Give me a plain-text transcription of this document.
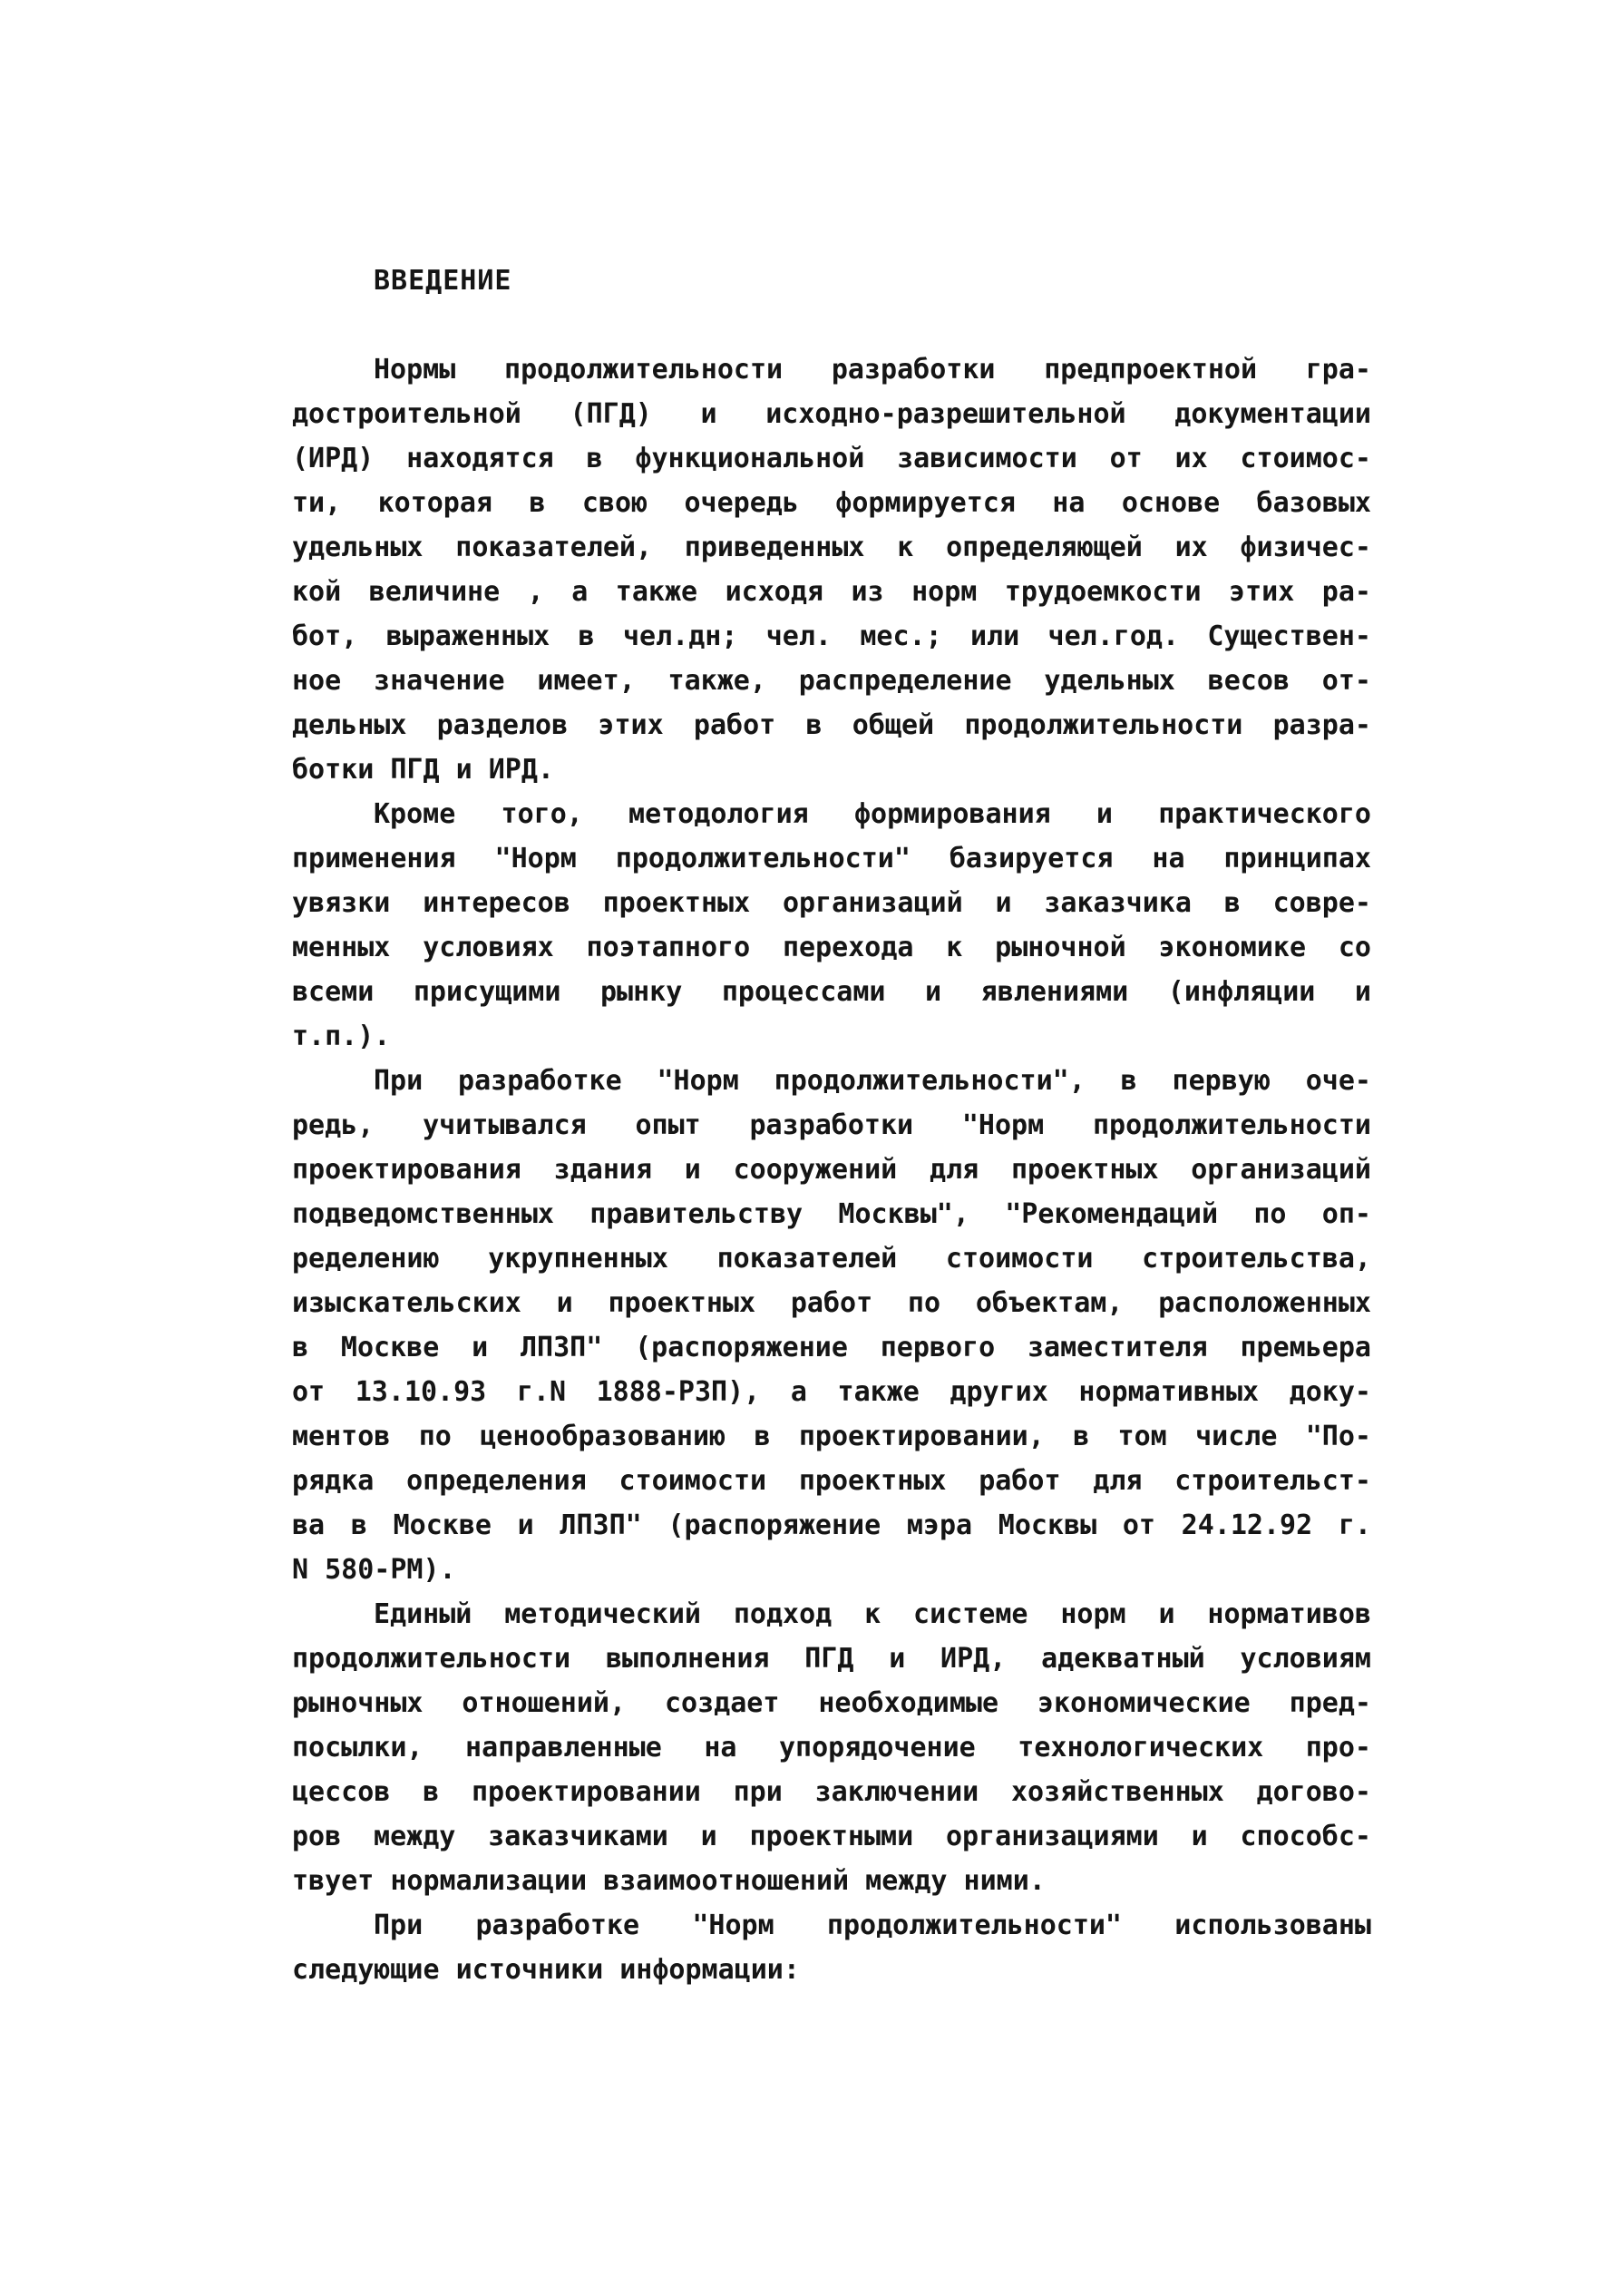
ВВЕДЕНИЕ
Нормы продолжительности разработки предпроектной гра-
достроительной (ПГД) и исходно-разрешительной документации
(ИРД) находятся в функциональной зависимости от их стоимос-
ти, которая в свою очередь формируется на основе базовых
удельных показателей, приведенных к определяющей их физичес-
кой величине , а также исходя из норм трудоемкости этих ра-
бот, выраженных в чел.дн; чел. мес.; или чел.год. Существен-
ное значение имеет, также, распределение удельных весов от-
дельных разделов этих работ в общей продолжительности разра-
ботки ПГД и ИРД.
Кроме того, методология формирования и практического
применения "Норм продолжительности" базируется на принципах
увязки интересов проектных организаций и заказчика в совре-
менных условиях поэтапного перехода к рыночной экономике со
всеми присущими рынку процессами и явлениями (инфляции и
т.п.).
При разработке "Норм продолжительности", в первую оче-
редь, учитывался опыт разработки "Норм продолжительности
проектирования здания и сооружений для проектных организаций
подведомственных правительству Москвы", "Рекомендаций по оп-
ределению укрупненных показателей стоимости строительства,
изыскательских и проектных работ по объектам, расположенных
в Москве и ЛПЗП" (распоряжение первого заместителя премьера
от 13.10.93 г.N 1888-РЗП), а также других нормативных доку-
ментов по ценообразованию в проектировании, в том числе "По-
рядка определения стоимости проектных работ для строительст-
ва в Москве и ЛПЗП" (распоряжение мэра Москвы от 24.12.92 г.
N 580-РМ).
Единый методический подход к системе норм и нормативов
продолжительности выполнения ПГД и ИРД, адекватный условиям
рыночных отношений, создает необходимые экономические пред-
посылки, направленные на упорядочение технологических про-
цессов в проектировании при заключении хозяйственных догово-
ров между заказчиками и проектными организациями и способс-
твует нормализации взаимоотношений между ними.
При разработке "Норм продолжительности" использованы
следующие источники информации:
